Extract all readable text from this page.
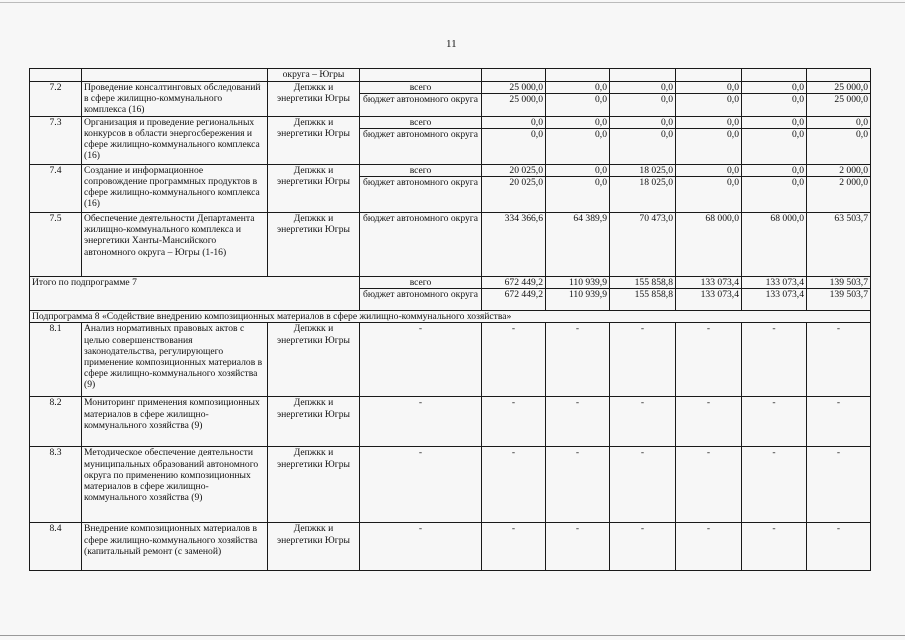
11
		округа – Югры							
7.2	Проведение консалтинговых обследований в сфере жилищно-коммунального комплекса (16)	Депжкк и энергетики Югры	всего	25 000,0	0,0	0,0	0,0	0,0	25 000,0
			бюджет автономного округа	25 000,0	0,0	0,0	0,0	0,0	25 000,0
7.3	Организация и проведение региональных конкурсов в области энергосбережения и сфере жилищно-коммунального комплекса (16)	Депжкк и энергетики Югры	всего	0,0	0,0	0,0	0,0	0,0	0,0
			бюджет автономного округа	0,0	0,0	0,0	0,0	0,0	0,0
7.4	Создание и информационное сопровождение программных продуктов в сфере жилищно-коммунального комплекса (16)	Депжкк и энергетики Югры	всего	20 025,0	0,0	18 025,0	0,0	0,0	2 000,0
			бюджет автономного округа	20 025,0	0,0	18 025,0	0,0	0,0	2 000,0
7.5	Обеспечение деятельности Департамента жилищно-коммунального комплекса и энергетики Ханты-Мансийского автономного округа – Югры (1-16)	Депжкк и энергетики Югры	бюджет автономного округа	334 366,6	64 389,9	70 473,0	68 000,0	68 000,0	63 503,7
Итого по подпрограмме 7			всего	672 449,2	110 939,9	155 858,8	133 073,4	133 073,4	139 503,7
			бюджет автономного округа	672 449,2	110 939,9	155 858,8	133 073,4	133 073,4	139 503,7
Подпрограмма 8 «Содействие внедрению композиционных материалов в сфере жилищно-коммунального хозяйства»									
8.1	Анализ нормативных правовых актов с целью совершенствования законодательства, регулирующего применение композиционных материалов в сфере жилищно-коммунального хозяйства (9)	Депжкк и энергетики Югры	-	-	-	-	-	-	-
8.2	Мониторинг применения композиционных материалов в сфере жилищно-коммунального хозяйства (9)	Депжкк и энергетики Югры	-	-	-	-	-	-	-
8.3	Методическое обеспечение деятельности муниципальных образований автономного округа по применению композиционных материалов в сфере жилищно-коммунального хозяйства (9)	Депжкк и энергетики Югры	-	-	-	-	-	-	-
8.4	Внедрение композиционных материалов в сфере жилищно-коммунального хозяйства (капитальный ремонт (с заменой)	Депжкк и энергетики Югры	-	-	-	-	-	-	-
